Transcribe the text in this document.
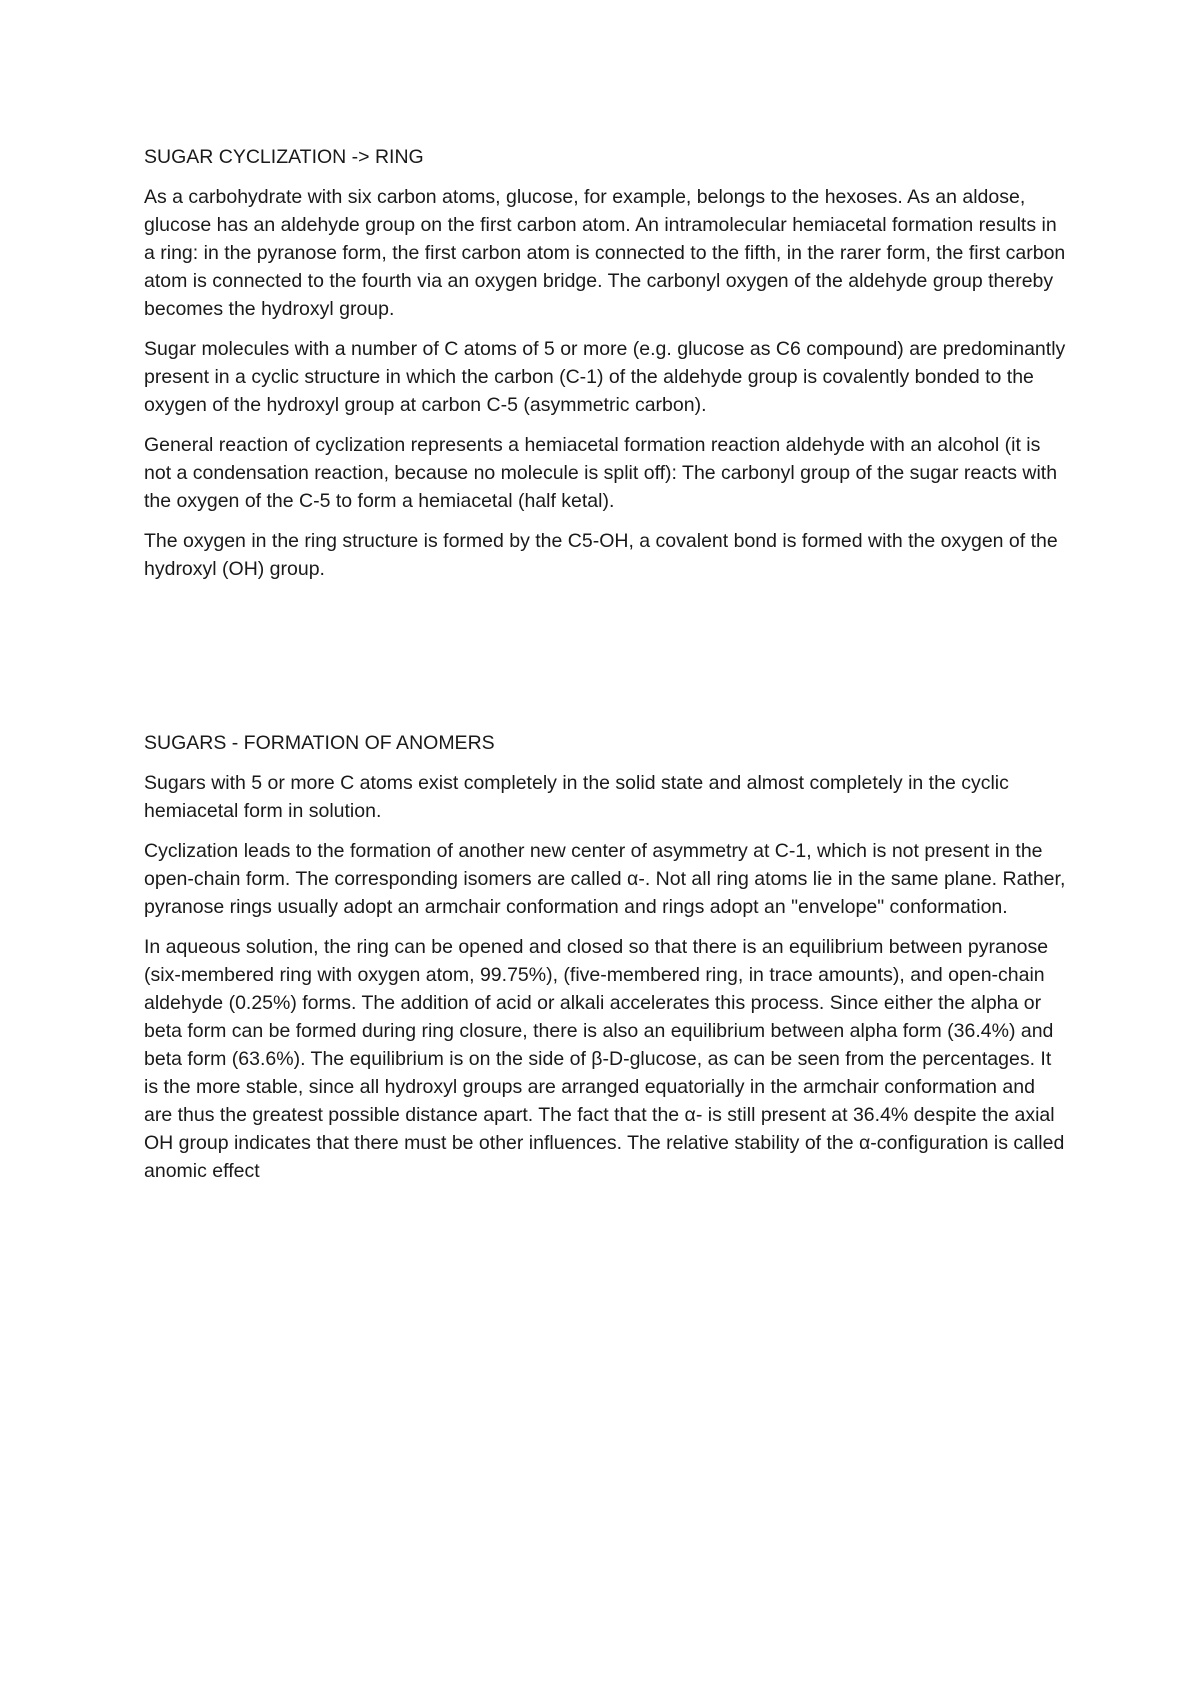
SUGAR CYCLIZATION -> RING

As a carbohydrate with six carbon atoms, glucose, for example, belongs to the hexoses. As an aldose, glucose has an aldehyde group on the first carbon atom. An intramolecular hemiacetal formation results in a ring: in the pyranose form, the first carbon atom is connected to the fifth, in the rarer form, the first carbon atom is connected to the fourth via an oxygen bridge. The carbonyl oxygen of the aldehyde group thereby becomes the hydroxyl group.

Sugar molecules with a number of C atoms of 5 or more (e.g. glucose as C6 compound) are predominantly present in a cyclic structure in which the carbon (C-1) of the aldehyde group is covalently bonded to the oxygen of the hydroxyl group at carbon C-5 (asymmetric carbon).

General reaction of cyclization represents a hemiacetal formation reaction aldehyde with an alcohol (it is not a condensation reaction, because no molecule is split off): The carbonyl group of the sugar reacts with the oxygen of the C-5 to form a hemiacetal (half ketal).

The oxygen in the ring structure is formed by the C5-OH, a covalent bond is formed with the oxygen of the hydroxyl (OH) group.

SUGARS - FORMATION OF ANOMERS

Sugars with 5 or more C atoms exist completely in the solid state and almost completely in the cyclic hemiacetal form in solution.

Cyclization leads to the formation of another new center of asymmetry at C-1, which is not present in the open-chain form. The corresponding isomers are called α-. Not all ring atoms lie in the same plane. Rather, pyranose rings usually adopt an armchair conformation and rings adopt an "envelope" conformation.

In aqueous solution, the ring can be opened and closed so that there is an equilibrium between pyranose (six-membered ring with oxygen atom, 99.75%), (five-membered ring, in trace amounts), and open-chain aldehyde (0.25%) forms. The addition of acid or alkali accelerates this process. Since either the alpha or beta form can be formed during ring closure, there is also an equilibrium between alpha form (36.4%) and beta form (63.6%). The equilibrium is on the side of β-D-glucose, as can be seen from the percentages. It is the more stable, since all hydroxyl groups are arranged equatorially in the armchair conformation and are thus the greatest possible distance apart. The fact that the α- is still present at 36.4% despite the axial OH group indicates that there must be other influences. The relative stability of the α-configuration is called anomic effect
